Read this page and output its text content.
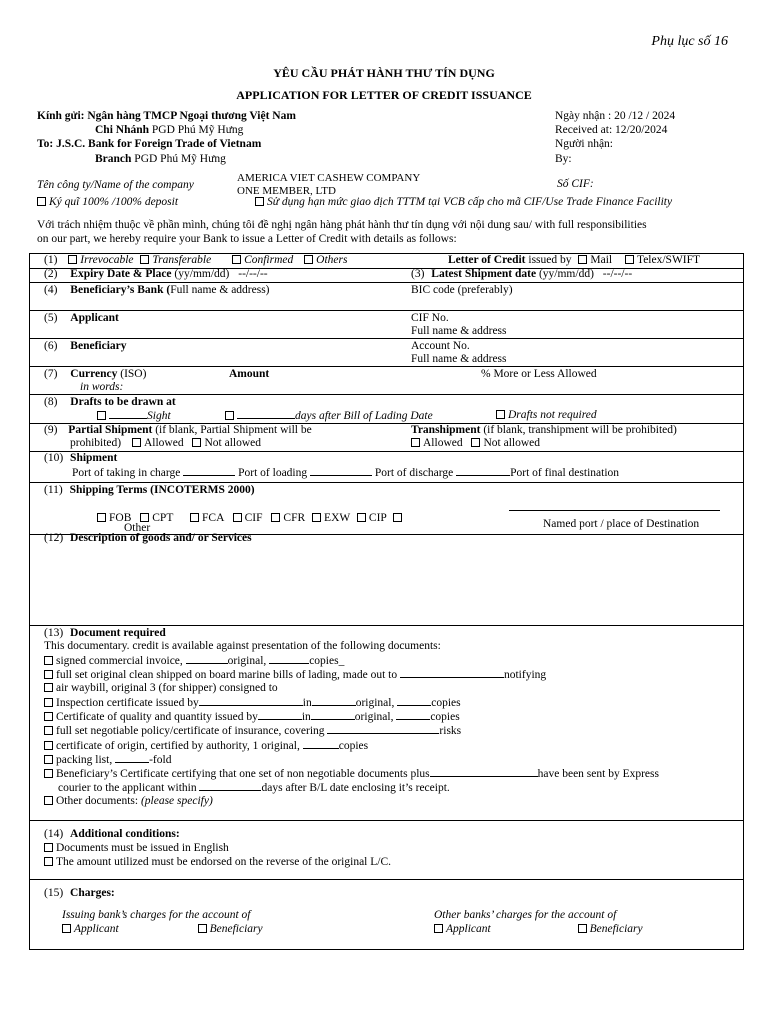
Phụ lục số 16
YÊU CẦU PHÁT HÀNH THƯ TÍN DỤNG
APPLICATION FOR LETTER OF CREDIT ISSUANCE
Kính gửi: Ngân hàng TMCP Ngoại thương Việt Nam
Chi Nhánh PGD Phú Mỹ Hưng
To: J.S.C. Bank for Foreign Trade of Vietnam
Branch PGD Phú Mỹ Hưng
Ngày nhận : 20 /12 / 2024
Received at: 12/20/2024
Người nhận:
By:
Tên công ty/Name of the company
AMERICA VIET CASHEW COMPANY
ONE MEMBER, LTD
Số CIF:
Ký quĩ 100% /100% deposit	Sử dụng hạn mức giao dịch TTTM tại VCB cấp cho mã CIF/Use Trade Finance Facility
Với trách nhiệm thuộc về phần mình, chúng tôi đề nghị ngân hàng phát hành thư tín dụng với nội dung sau/ with full responsibilities
on our part, we hereby require your Bank to issue a Letter of Credit with details as follows:
(1) Irrevocable Transferable	Confirmed Others	Letter of Credit issued by Mail Telex/SWIFT
(2) Expiry Date & Place (yy/mm/dd) --/--/--	(3) Latest Shipment date (yy/mm/dd) --/--/--
(4) Beneficiary’s Bank (Full name & address)	BIC code (preferably)
(5) Applicant	CIF No.
Full name & address
(6) Beneficiary	Account No.
Full name & address
(7) Currency (ISO)	Amount	% More or Less Allowed
in words:
(8) Drafts to be drawn at
Sight	days after Bill of Lading Date	Drafts not required
(9) Partial Shipment (if blank, Partial Shipment will be
prohibited) Allowed Not allowed
Transhipment (if blank, transhipment will be prohibited)
Allowed Not allowed
(10) Shipment
Port of taking in charge	Port of loading	Port of discharge	Port of final destination
(11) Shipping Terms (INCOTERMS 2000)
FOB CPT	FCA CIF CFR EXW CIP
Other	Named port / place of Destination
(12) Description of goods and/ or Services
(13) Document required
This documentary. credit is available against presentation of the following documents:
signed commercial invoice,	original,	copies_
full set original clean shipped on board marine bills of lading, made out to	notifying
air waybill, original 3 (for shipper) consigned to
Inspection certificate issued by	in	original,	copies
Certificate of quality and quantity issued by	in	original,	copies
full set negotiable policy/certificate of insurance, covering	risks
certificate of origin, certified by authority, 1 original,	copies
packing list,	-fold
Beneficiary’s Certificate certifying that one set of non negotiable documents plus	have been sent by Express
courier to the applicant within	days after B/L date enclosing it’s receipt.
Other documents: (please specify)
(14) Additional conditions:
Documents must be issued in English
The amount utilized must be endorsed on the reverse of the original L/C.
(15) Charges:
Issuing bank’s charges for the account of	Other banks’ charges for the account of
Applicant	Beneficiary	Applicant	Beneficiary
